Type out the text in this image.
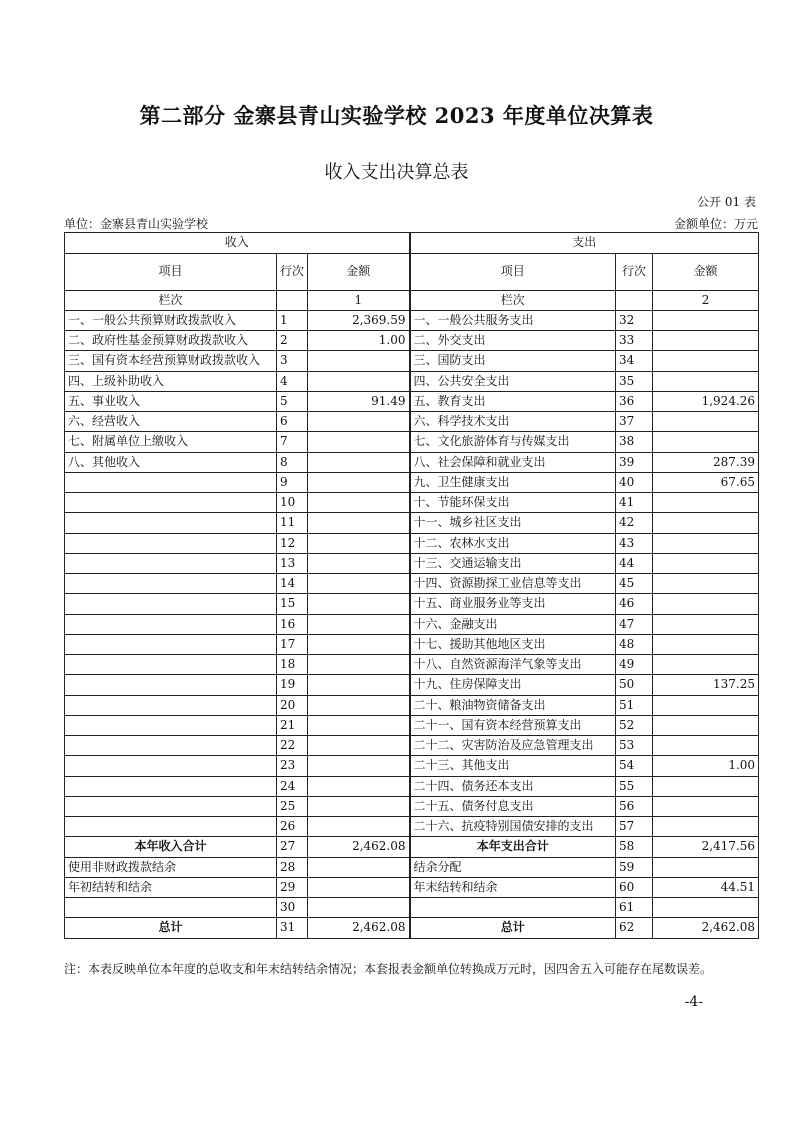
第二部分 金寨县青山实验学校 2023 年度单位决算表
收入支出决算总表
公开 01 表
单位：金寨县青山实验学校	金额单位：万元
收入			支出		
项目	行次	金额	项目	行次	金额
栏次		1	栏次		2
一、一般公共预算财政拨款收入	1	2,369.59	一、一般公共服务支出	32	
二、政府性基金预算财政拨款收入	2	1.00	二、外交支出	33	
三、国有资本经营预算财政拨款收入	3		三、国防支出	34	
四、上级补助收入	4		四、公共安全支出	35	
五、事业收入	5	91.49	五、教育支出	36	1,924.26
六、经营收入	6		六、科学技术支出	37	
七、附属单位上缴收入	7		七、文化旅游体育与传媒支出	38	
八、其他收入	8		八、社会保障和就业支出	39	287.39
	9		九、卫生健康支出	40	67.65
	10		十、节能环保支出	41	
	11		十一、城乡社区支出	42	
	12		十二、农林水支出	43	
	13		十三、交通运输支出	44	
	14		十四、资源勘探工业信息等支出	45	
	15		十五、商业服务业等支出	46	
	16		十六、金融支出	47	
	17		十七、援助其他地区支出	48	
	18		十八、自然资源海洋气象等支出	49	
	19		十九、住房保障支出	50	137.25
	20		二十、粮油物资储备支出	51	
	21		二十一、国有资本经营预算支出	52	
	22		二十二、灾害防治及应急管理支出	53	
	23		二十三、其他支出	54	1.00
	24		二十四、债务还本支出	55	
	25		二十五、债务付息支出	56	
	26		二十六、抗疫特别国债安排的支出	57	
本年收入合计	27	2,462.08	本年支出合计	58	2,417.56
使用非财政拨款结余	28		结余分配	59	
年初结转和结余	29		年末结转和结余	60	44.51
	30			61	
总计	31	2,462.08	总计	62	2,462.08
注：本表反映单位本年度的总收支和年末结转结余情况；本套报表金额单位转换成万元时，因四舍五入可能存在尾数误差。
-4-
